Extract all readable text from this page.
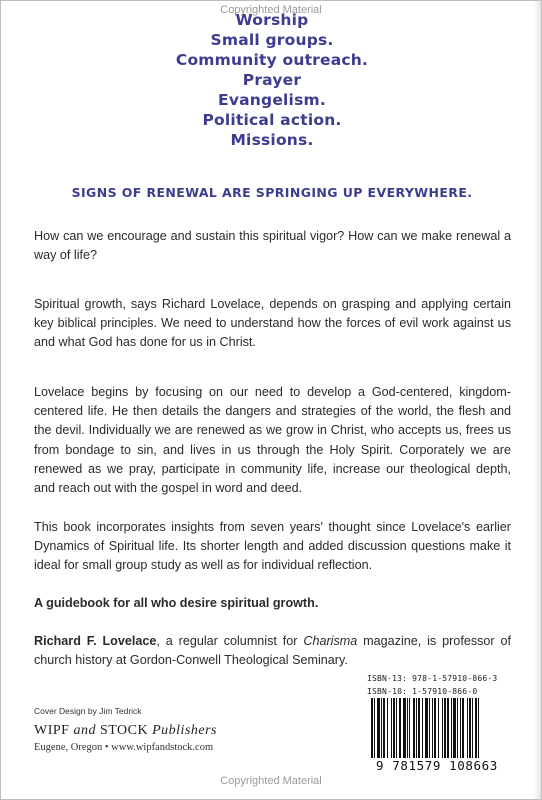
Copyrighted Material
Worship
Small groups.
Community outreach.
Prayer
Evangelism.
Political action.
Missions.
SIGNS OF RENEWAL ARE SPRINGING UP EVERYWHERE.
How can we encourage and sustain this spiritual vigor? How can we make renewal a way of life?
Spiritual growth, says Richard Lovelace, depends on grasping and applying certain key biblical principles. We need to understand how the forces of evil work against us and what God has done for us in Christ.
Lovelace begins by focusing on our need to develop a God-centered, kingdom-centered life. He then details the dangers and strategies of the world, the flesh and the devil. Individually we are renewed as we grow in Christ, who accepts us, frees us from bondage to sin, and lives in us through the Holy Spirit. Corporately we are renewed as we pray, participate in community life, increase our theological depth, and reach out with the gospel in word and deed.
This book incorporates insights from seven years' thought since Lovelace's earlier Dynamics of Spiritual life. Its shorter length and added discussion questions make it ideal for small group study as well as for individual reflection.
A guidebook for all who desire spiritual growth.
Richard F. Lovelace, a regular columnist for Charisma magazine, is professor of church history at Gordon-Conwell Theological Seminary.
ISBN-13: 978-1-57910-866-3
ISBN-10: 1-57910-866-0
9 781579 108663
Cover Design by Jim Tedrick
WIPF and STOCK Publishers
Eugene, Oregon • www.wipfandstock.com
Copyrighted Material
